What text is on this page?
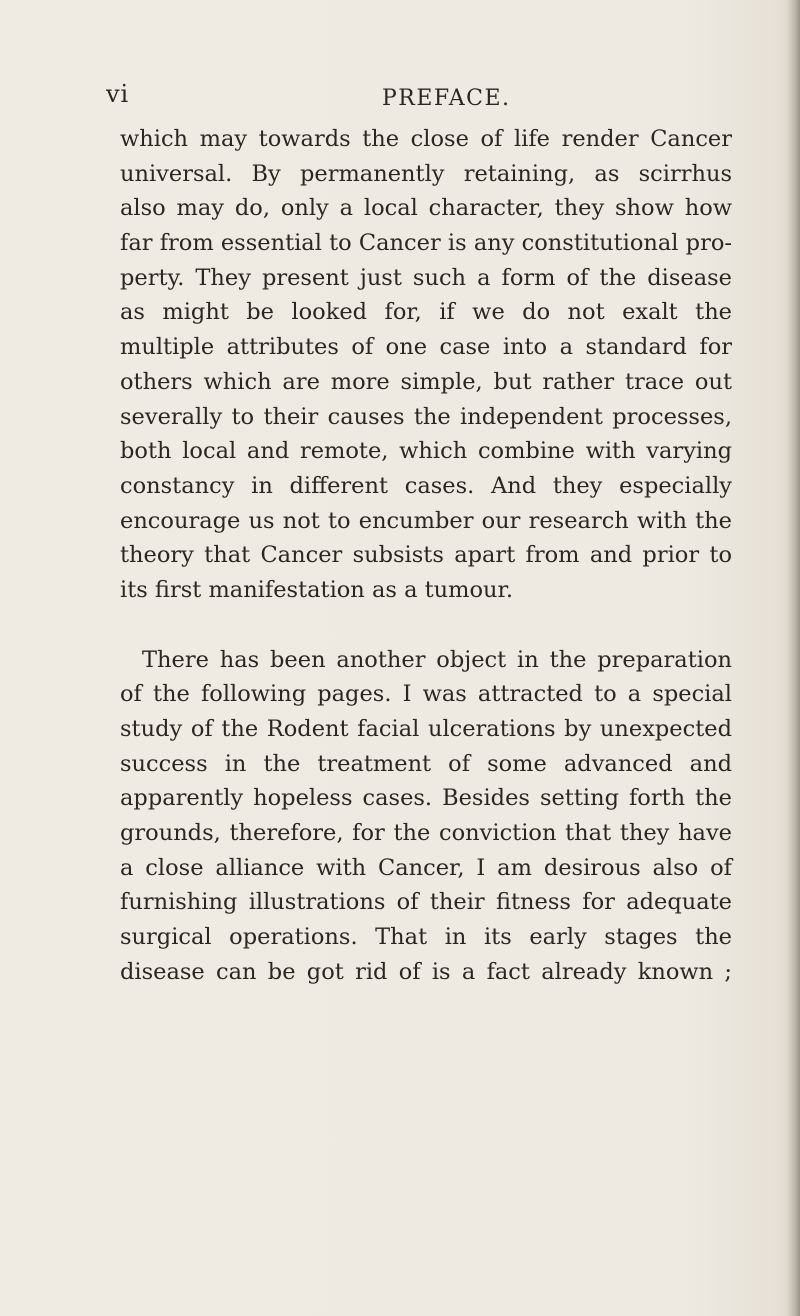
vi	PREFACE.
which may towards the close of life render Cancer
universal. By permanently retaining, as scirrhus
also may do, only a local character, they show how
far from essential to Cancer is any constitutional pro-
perty. They present just such a form of the disease
as might be looked for, if we do not exalt the
multiple attributes of one case into a standard for
others which are more simple, but rather trace out
severally to their causes the independent processes,
both local and remote, which combine with varying
constancy in different cases. And they especially
encourage us not to encumber our research with the
theory that Cancer subsists apart from and prior to
its first manifestation as a tumour.
There has been another object in the preparation
of the following pages. I was attracted to a special
study of the Rodent facial ulcerations by unexpected
success in the treatment of some advanced and
apparently hopeless cases. Besides setting forth the
grounds, therefore, for the conviction that they have
a close alliance with Cancer, I am desirous also of
furnishing illustrations of their fitness for adequate
surgical operations. That in its early stages the
disease can be got rid of is a fact already known ;
